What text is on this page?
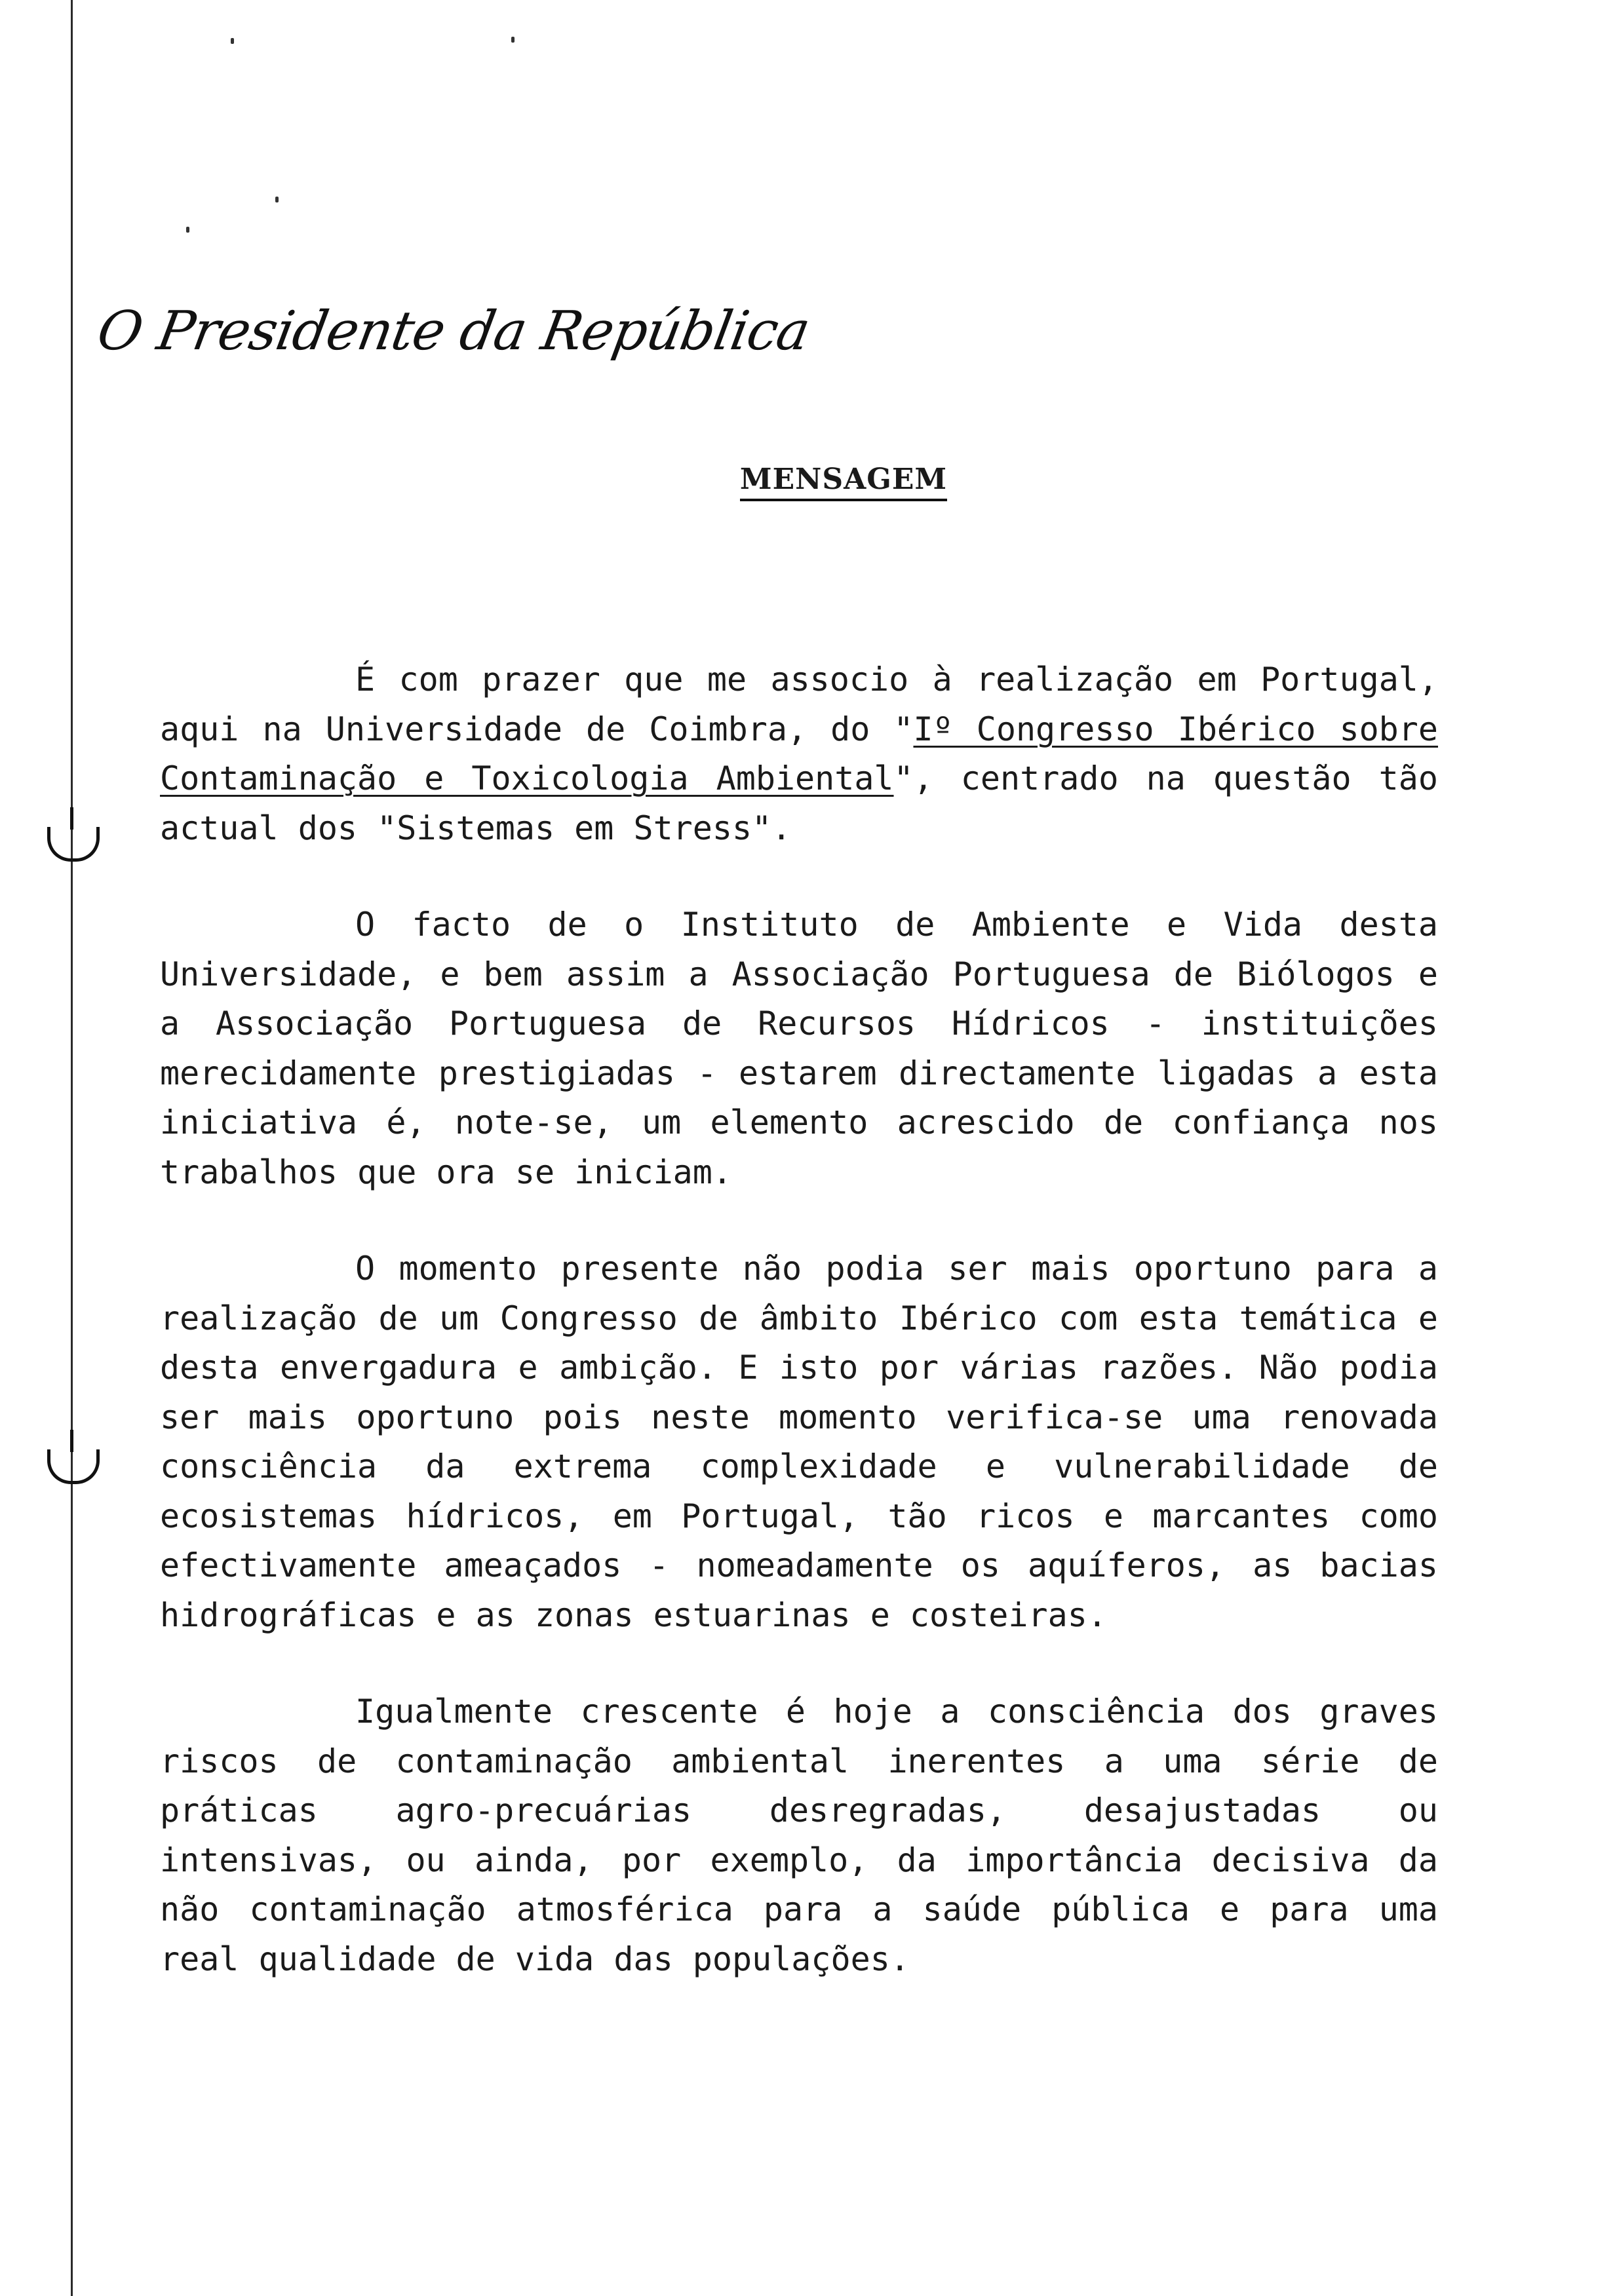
O Presidente da República
MENSAGEM

É com prazer que me associo à realização em Portugal, aqui na Universidade de Coimbra, do "Iº Congresso Ibérico sobre Contaminação e Toxicologia Ambiental", centrado na questão tão actual dos "Sistemas em Stress".

O facto de o Instituto de Ambiente e Vida desta Universidade, e bem assim a Associação Portuguesa de Biólogos e a Associação Portuguesa de Recursos Hídricos - instituições merecidamente prestigiadas - estarem directamente ligadas a esta iniciativa é, note-se, um elemento acrescido de confiança nos trabalhos que ora se iniciam.

O momento presente não podia ser mais oportuno para a realização de um Congresso de âmbito Ibérico com esta temática e desta envergadura e ambição. E isto por várias razões. Não podia ser mais oportuno pois neste momento verifica-se uma renovada consciência da extrema complexidade e vulnerabilidade de ecosistemas hídricos, em Portugal, tão ricos e marcantes como efectivamente ameaçados - nomeadamente os aquíferos, as bacias hidrográficas e as zonas estuarinas e costeiras.

Igualmente crescente é hoje a consciência dos graves riscos de contaminação ambiental inerentes a uma série de práticas agro-precuárias desregradas, desajustadas ou intensivas, ou ainda, por exemplo, da importância decisiva da não contaminação atmosférica para a saúde pública e para uma real qualidade de vida das populações.
